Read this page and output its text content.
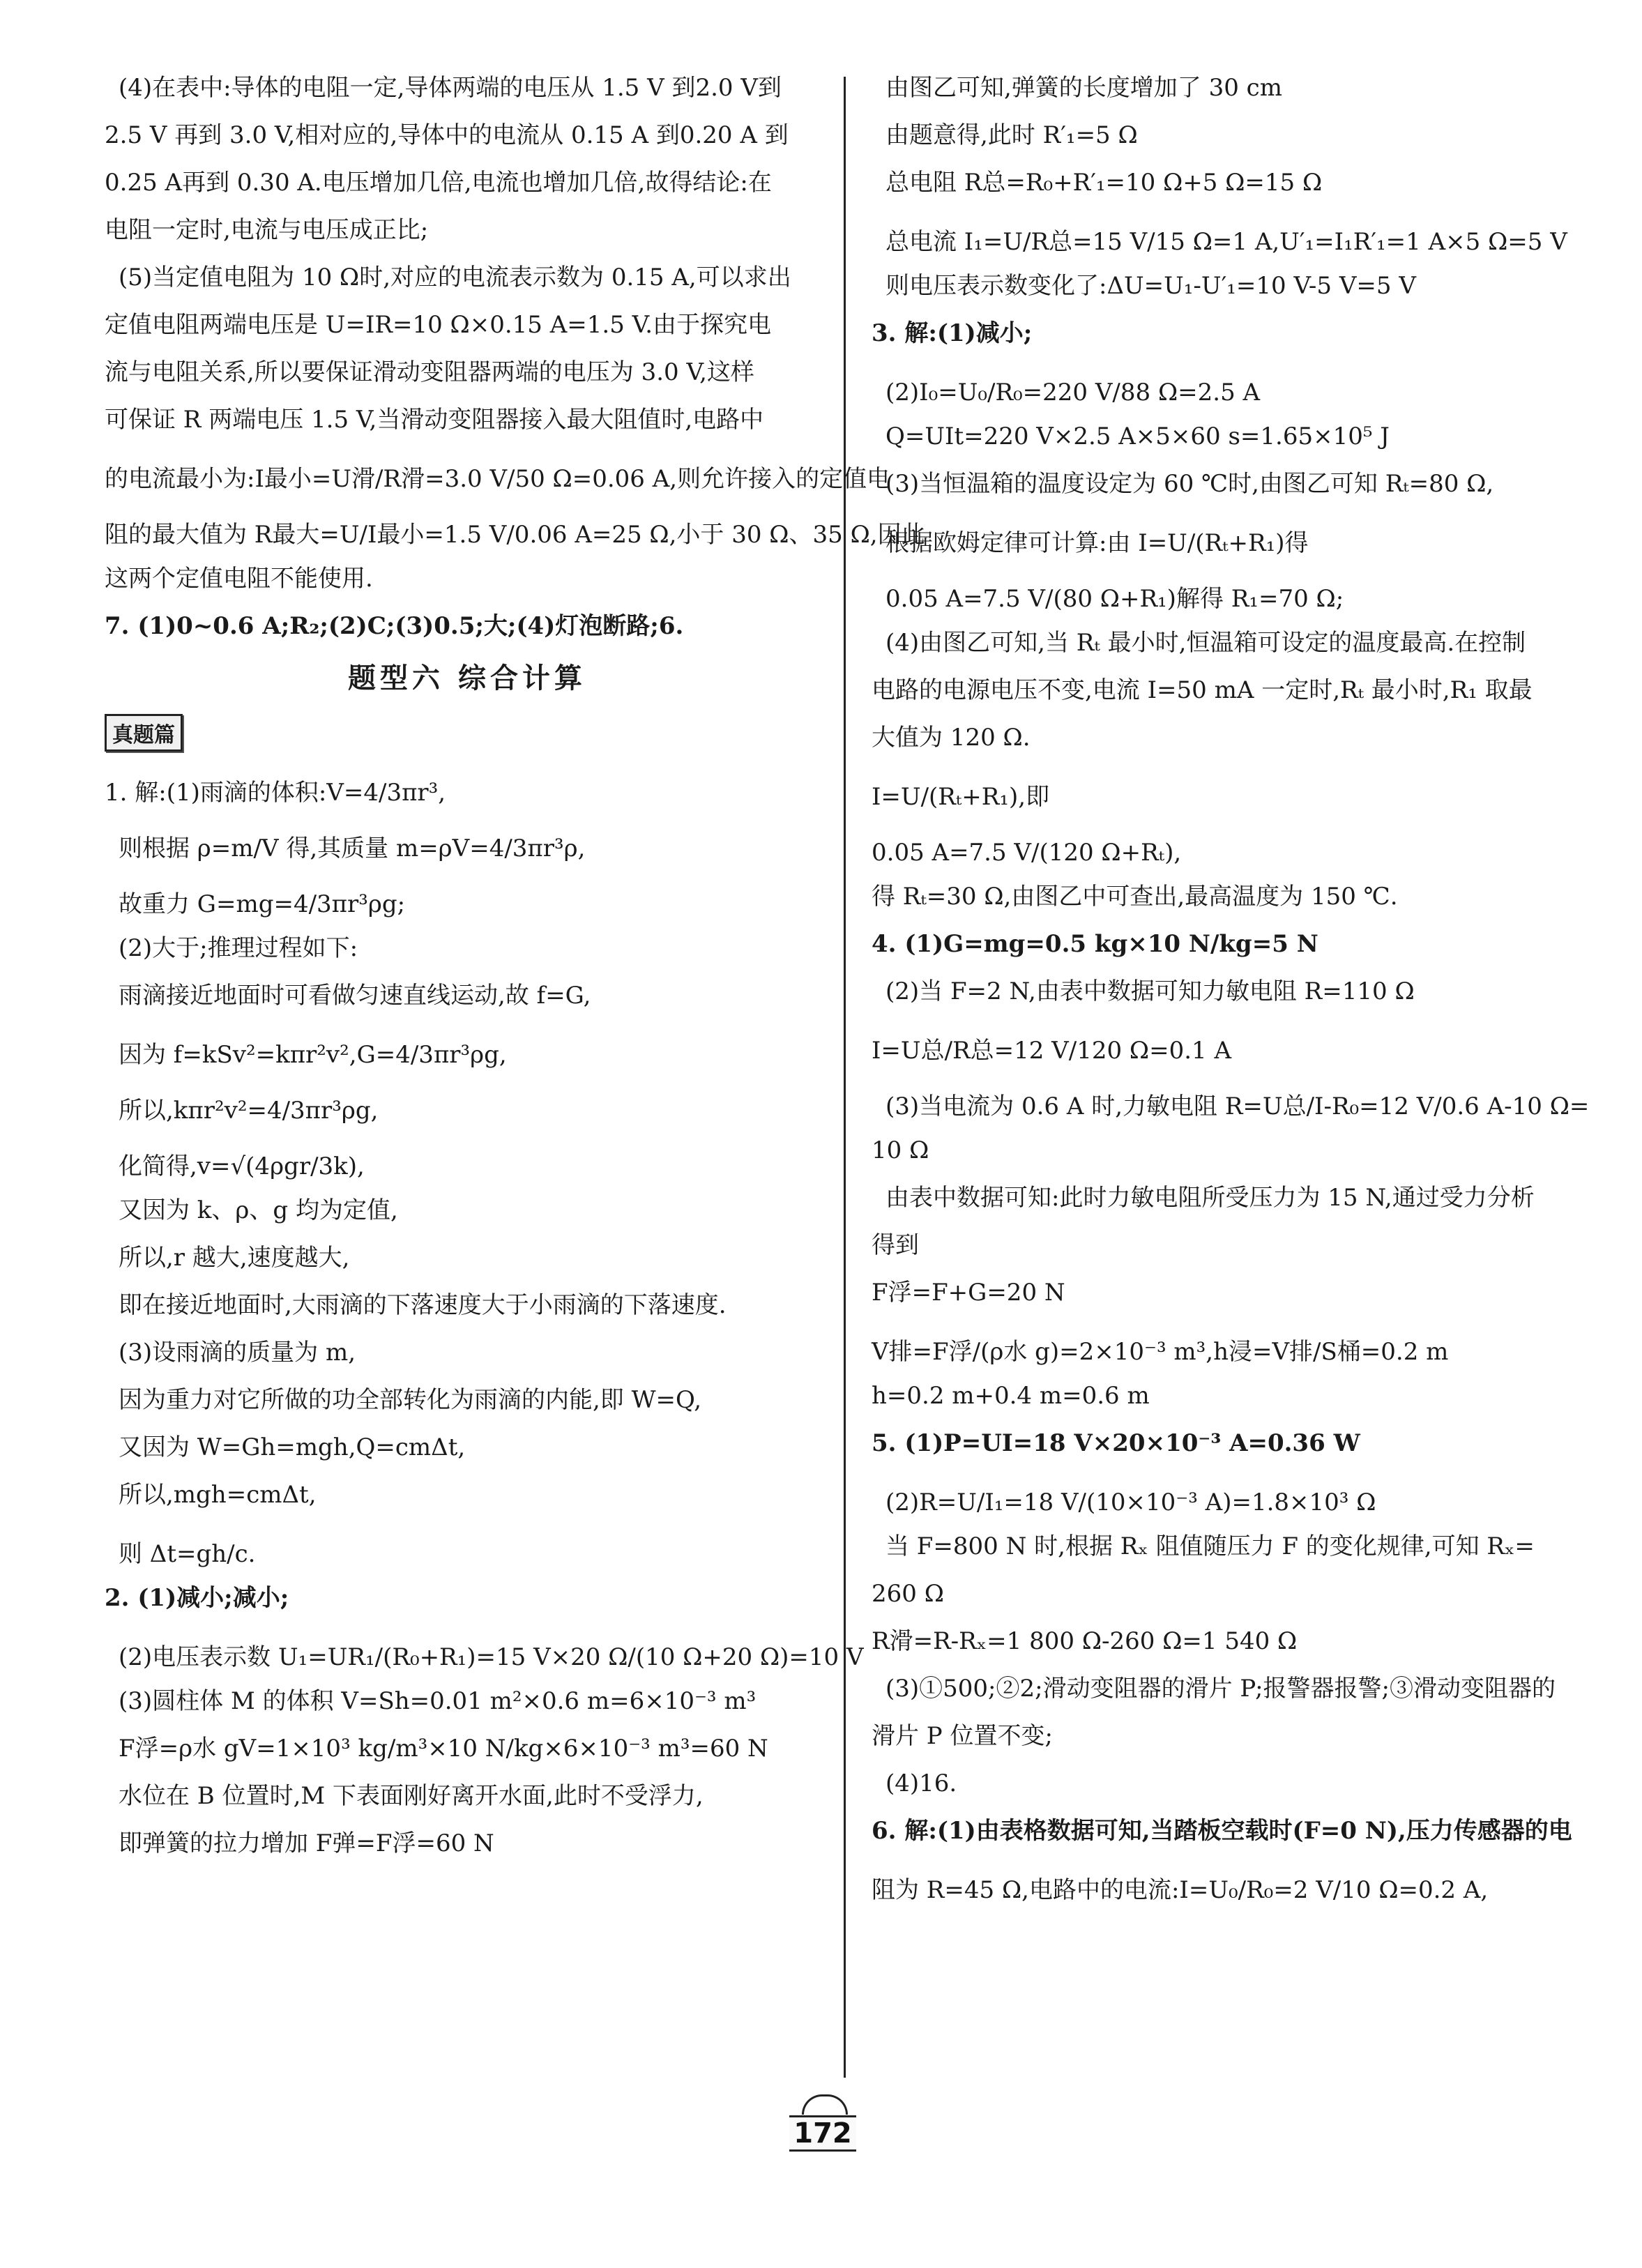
(4)在表中:导体的电阻一定,导体两端的电压从 1.5 V 到2.0 V到
2.5 V 再到 3.0 V,相对应的,导体中的电流从 0.15 A 到0.20 A 到
0.25 A再到 0.30 A.电压增加几倍,电流也增加几倍,故得结论:在
电阻一定时,电流与电压成正比;
(5)当定值电阻为 10 Ω时,对应的电流表示数为 0.15 A,可以求出
定值电阻两端电压是 U=IR=10 Ω×0.15 A=1.5 V.由于探究电
流与电阻关系,所以要保证滑动变阻器两端的电压为 3.0 V,这样
可保证 R 两端电压 1.5 V,当滑动变阻器接入最大阻值时,电路中
的电流最小为:I最小=U滑/R滑=3.0 V/50 Ω=0.06 A,则允许接入的定值电
阻的最大值为 R最大=U/I最小=1.5 V/0.06 A=25 Ω,小于 30 Ω、35 Ω,因此
这两个定值电阻不能使用.
7. (1)0~0.6 A;R₂;(2)C;(3)0.5;大;(4)灯泡断路;6.
题型六 综合计算
真题篇
1. 解:(1)雨滴的体积:V=4/3πr³,
则根据 ρ=m/V 得,其质量 m=ρV=4/3πr³ρ,
故重力 G=mg=4/3πr³ρg;
(2)大于;推理过程如下:
雨滴接近地面时可看做匀速直线运动,故 f=G,
因为 f=kSv²=kπr²v²,G=4/3πr³ρg,
所以,kπr²v²=4/3πr³ρg,
化简得,v=√(4ρgr/3k),
又因为 k、ρ、g 均为定值,
所以,r 越大,速度越大,
即在接近地面时,大雨滴的下落速度大于小雨滴的下落速度.
(3)设雨滴的质量为 m,
因为重力对它所做的功全部转化为雨滴的内能,即 W=Q,
又因为 W=Gh=mgh,Q=cmΔt,
所以,mgh=cmΔt,
则 Δt=gh/c.
2. (1)减小;减小;
(2)电压表示数 U₁=UR₁/(R₀+R₁)=15 V×20 Ω/(10 Ω+20 Ω)=10 V
(3)圆柱体 M 的体积 V=Sh=0.01 m²×0.6 m=6×10⁻³ m³
F浮=ρ水 gV=1×10³ kg/m³×10 N/kg×6×10⁻³ m³=60 N
水位在 B 位置时,M 下表面刚好离开水面,此时不受浮力,
即弹簧的拉力增加 F弹=F浮=60 N
由图乙可知,弹簧的长度增加了 30 cm
由题意得,此时 R′₁=5 Ω
总电阻 R总=R₀+R′₁=10 Ω+5 Ω=15 Ω
总电流 I₁=U/R总=15 V/15 Ω=1 A,U′₁=I₁R′₁=1 A×5 Ω=5 V
则电压表示数变化了:ΔU=U₁-U′₁=10 V-5 V=5 V
3. 解:(1)减小;
(2)I₀=U₀/R₀=220 V/88 Ω=2.5 A
Q=UIt=220 V×2.5 A×5×60 s=1.65×10⁵ J
(3)当恒温箱的温度设定为 60 ℃时,由图乙可知 Rₜ=80 Ω,
根据欧姆定律可计算:由 I=U/(Rₜ+R₁)得
0.05 A=7.5 V/(80 Ω+R₁)解得 R₁=70 Ω;
(4)由图乙可知,当 Rₜ 最小时,恒温箱可设定的温度最高.在控制
电路的电源电压不变,电流 I=50 mA 一定时,Rₜ 最小时,R₁ 取最
大值为 120 Ω.
I=U/(Rₜ+R₁),即
0.05 A=7.5 V/(120 Ω+Rₜ),
得 Rₜ=30 Ω,由图乙中可查出,最高温度为 150 ℃.
4. (1)G=mg=0.5 kg×10 N/kg=5 N
(2)当 F=2 N,由表中数据可知力敏电阻 R=110 Ω
I=U总/R总=12 V/120 Ω=0.1 A
(3)当电流为 0.6 A 时,力敏电阻 R=U总/I-R₀=12 V/0.6 A-10 Ω=
10 Ω
由表中数据可知:此时力敏电阻所受压力为 15 N,通过受力分析
得到
F浮=F+G=20 N
V排=F浮/(ρ水 g)=2×10⁻³ m³,h浸=V排/S桶=0.2 m
h=0.2 m+0.4 m=0.6 m
5. (1)P=UI=18 V×20×10⁻³ A=0.36 W
(2)R=U/I₁=18 V/(10×10⁻³ A)=1.8×10³ Ω
当 F=800 N 时,根据 Rₓ 阻值随压力 F 的变化规律,可知 Rₓ=
260 Ω
R滑=R-Rₓ=1 800 Ω-260 Ω=1 540 Ω
(3)①500;②2;滑动变阻器的滑片 P;报警器报警;③滑动变阻器的
滑片 P 位置不变;
(4)16.
6. 解:(1)由表格数据可知,当踏板空载时(F=0 N),压力传感器的电
阻为 R=45 Ω,电路中的电流:I=U₀/R₀=2 V/10 Ω=0.2 A,
172
